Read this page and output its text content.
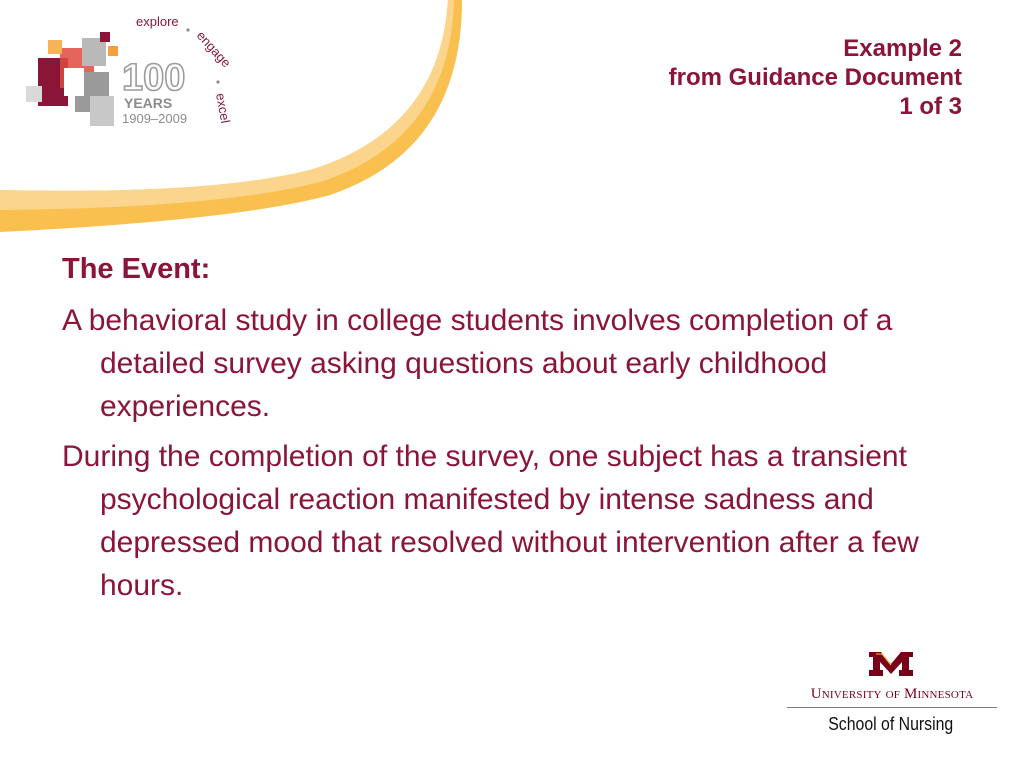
100
YEARS
1909–2009
explore
engage
excel
Example 2
from Guidance Document
1 of 3
The Event:
A behavioral study in college students involves completion of a detailed survey asking questions about early childhood experiences.
During the completion of the survey, one subject has a transient psychological reaction manifested by intense sadness and depressed mood that resolved without intervention after a few hours.
University of Minnesota
School of Nursing
